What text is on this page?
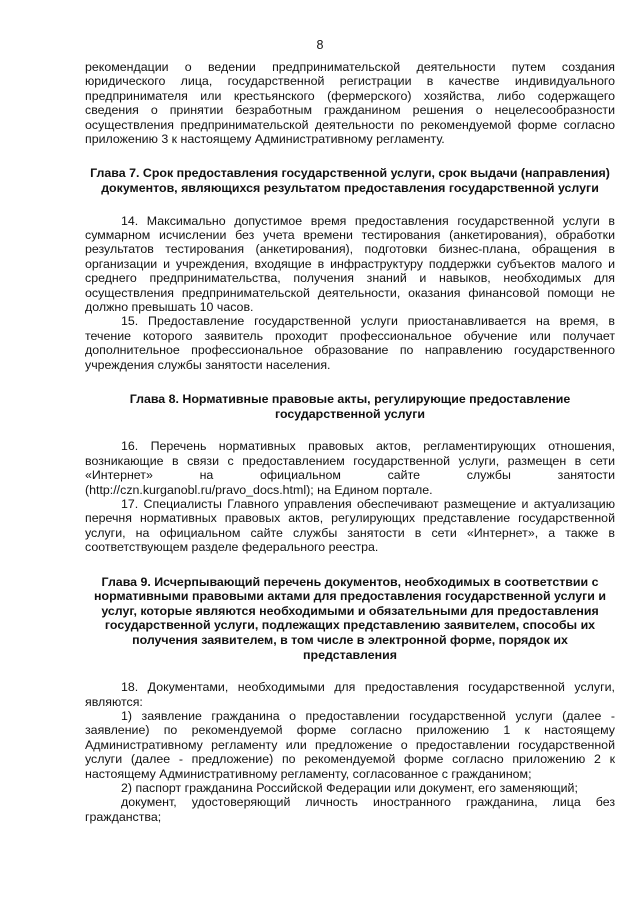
8

рекомендации о ведении предпринимательской деятельности путем создания юридического лица, государственной регистрации в качестве индивидуального предпринимателя или крестьянского (фермерского) хозяйства, либо содержащего сведения о принятии безработным гражданином решения о нецелесообразности осуществления предпринимательской деятельности по рекомендуемой форме согласно приложению 3 к настоящему Административному регламенту.

Глава 7. Срок предоставления государственной услуги, срок выдачи (направления) документов, являющихся результатом предоставления государственной услуги

14. Максимально допустимое время предоставления государственной услуги в суммарном исчислении без учета времени тестирования (анкетирования), обработки результатов тестирования (анкетирования), подготовки бизнес-плана, обращения в организации и учреждения, входящие в инфраструктуру поддержки субъектов малого и среднего предпринимательства, получения знаний и навыков, необходимых для осуществления предпринимательской деятельности, оказания финансовой помощи не должно превышать 10 часов.

15. Предоставление государственной услуги приостанавливается на время, в течение которого заявитель проходит профессиональное обучение или получает дополнительное профессиональное образование по направлению государственного учреждения службы занятости населения.

Глава 8. Нормативные правовые акты, регулирующие предоставление государственной услуги

16. Перечень нормативных правовых актов, регламентирующих отношения, возникающие в связи с предоставлением государственной услуги, размещен в сети «Интернет» на официальном сайте службы занятости (http://czn.kurganobl.ru/pravo_docs.html); на Едином портале.

17. Специалисты Главного управления обеспечивают размещение и актуализацию перечня нормативных правовых актов, регулирующих представление государственной услуги, на официальном сайте службы занятости в сети «Интернет», а также в соответствующем разделе федерального реестра.

Глава 9. Исчерпывающий перечень документов, необходимых в соответствии с нормативными правовыми актами для предоставления государственной услуги и услуг, которые являются необходимыми и обязательными для предоставления государственной услуги, подлежащих представлению заявителем, способы их получения заявителем, в том числе в электронной форме, порядок их представления

18. Документами, необходимыми для предоставления государственной услуги, являются:

1) заявление гражданина о предоставлении государственной услуги (далее - заявление) по рекомендуемой форме согласно приложению 1 к настоящему Административному регламенту или предложение о предоставлении государственной услуги (далее - предложение) по рекомендуемой форме согласно приложению 2 к настоящему Административному регламенту, согласованное с гражданином;

2) паспорт гражданина Российской Федерации или документ, его заменяющий;

документ, удостоверяющий личность иностранного гражданина, лица без гражданства;
